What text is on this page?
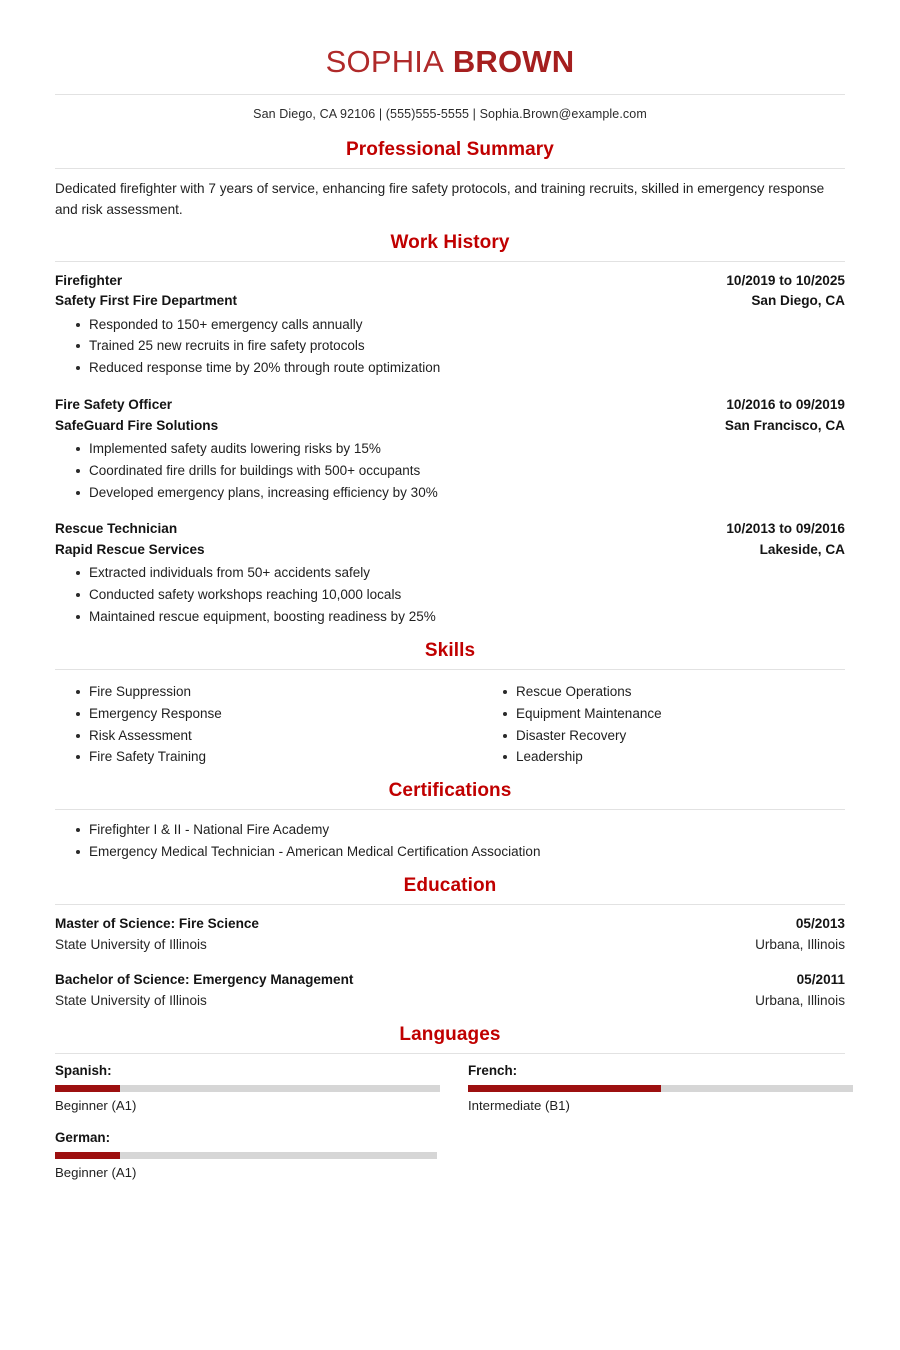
SOPHIA BROWN
San Diego, CA 92106 | (555)555-5555 | Sophia.Brown@example.com
Professional Summary
Dedicated firefighter with 7 years of service, enhancing fire safety protocols, and training recruits, skilled in emergency response and risk assessment.
Work History
Firefighter	10/2019 to 10/2025
Safety First Fire Department	San Diego, CA
Responded to 150+ emergency calls annually
Trained 25 new recruits in fire safety protocols
Reduced response time by 20% through route optimization
Fire Safety Officer	10/2016 to 09/2019
SafeGuard Fire Solutions	San Francisco, CA
Implemented safety audits lowering risks by 15%
Coordinated fire drills for buildings with 500+ occupants
Developed emergency plans, increasing efficiency by 30%
Rescue Technician	10/2013 to 09/2016
Rapid Rescue Services	Lakeside, CA
Extracted individuals from 50+ accidents safely
Conducted safety workshops reaching 10,000 locals
Maintained rescue equipment, boosting readiness by 25%
Skills
Fire Suppression
Emergency Response
Risk Assessment
Fire Safety Training
Rescue Operations
Equipment Maintenance
Disaster Recovery
Leadership
Certifications
Firefighter I & II - National Fire Academy
Emergency Medical Technician - American Medical Certification Association
Education
Master of Science: Fire Science	05/2013
State University of Illinois	Urbana, Illinois
Bachelor of Science: Emergency Management	05/2011
State University of Illinois	Urbana, Illinois
Languages
Spanish:
Beginner (A1)
French:
Intermediate (B1)
German:
Beginner (A1)
